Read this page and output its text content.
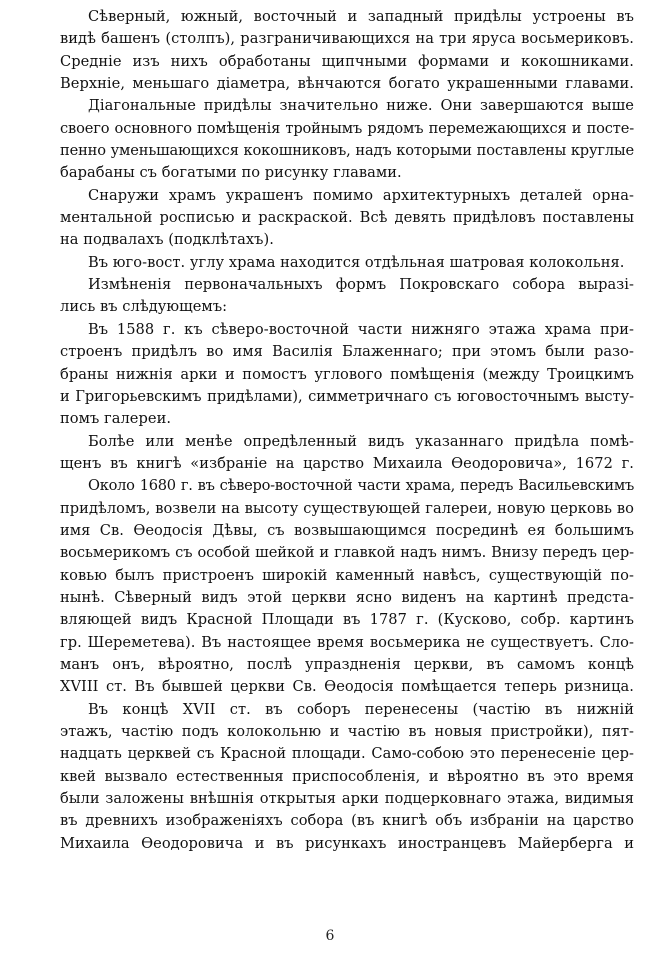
Сѣверный, южный, восточный и западный придѣлы устроены въ
видѣ башенъ (столпъ), разграничивающихся на три яруса восьмериковъ.
Средніе изъ нихъ обработаны щипчными формами и кокошниками.
Верхніе, меньшаго діаметра, вѣнчаются богато украшенными главами.
Діагональные придѣлы значительно ниже. Они завершаются выше
своего основного помѣщенія тройнымъ рядомъ перемежающихся и посте-
пенно уменьшающихся кокошниковъ, надъ которыми поставлены круглые
барабаны съ богатыми по рисунку главами.
Снаружи храмъ украшенъ помимо архитектурныхъ деталей орна-
ментальной росписью и раскраской. Всѣ девять придѣловъ поставлены
на подвалахъ (подклѣтахъ).
Въ юго-вост. углу храма находится отдѣльная шатровая колокольня.
Измѣненія первоначальныхъ формъ Покровскаго собора выразі-
лись въ слѣдующемъ:
Въ 1588 г. къ сѣверо-восточной части нижняго этажа храма при-
строенъ придѣлъ во имя Василія Блаженнаго; при этомъ были разо-
браны нижнія арки и помостъ углового помѣщенія (между Троицкимъ
и Григорьевскимъ придѣлами), симметричнаго съ юговосточнымъ высту-
помъ галереи.
Болѣе или менѣе опредѣленный видъ указаннаго придѣла помѣ-
щенъ въ книгѣ «избраніе на царство Михаила Ѳеодоровича», 1672 г.
Около 1680 г. въ сѣверо-восточной части храма, передъ Васильевскимъ
придѣломъ, возвели на высоту существующей галереи, новую церковь во
имя Св. Ѳеодосія Дѣвы, съ возвышающимся посрединѣ ея большимъ
восьмерикомъ съ особой шейкой и главкой надъ нимъ. Внизу передъ цер-
ковью былъ пристроенъ широкій каменный навѣсъ, существующій по-
нынѣ. Сѣверный видъ этой церкви ясно виденъ на картинѣ предста-
вляющей видъ Красной Площади въ 1787 г. (Кусково, собр. картинъ
гр. Шереметева). Въ настоящее время восьмерика не существуетъ. Сло-
манъ онъ, вѣроятно, послѣ упраздненія церкви, въ самомъ концѣ
XVIII ст. Въ бывшей церкви Св. Ѳеодосія помѣщается теперь ризница.
Въ концѣ XVII ст. въ соборъ перенесены (частію въ нижній
этажъ, частію подъ колокольню и частію въ новыя пристройки), пят-
надцать церквей съ Красной площади. Само-собою это перенесеніе цер-
квей вызвало естественныя приспособленія, и вѣроятно въ это время
были заложены внѣшнія открытыя арки подцерковнаго этажа, видимыя
въ древнихъ изображеніяхъ собора (въ книгѣ объ избраніи на царство
Михаила Ѳеодоровича и въ рисункахъ иностранцевъ Майерберга и
6
